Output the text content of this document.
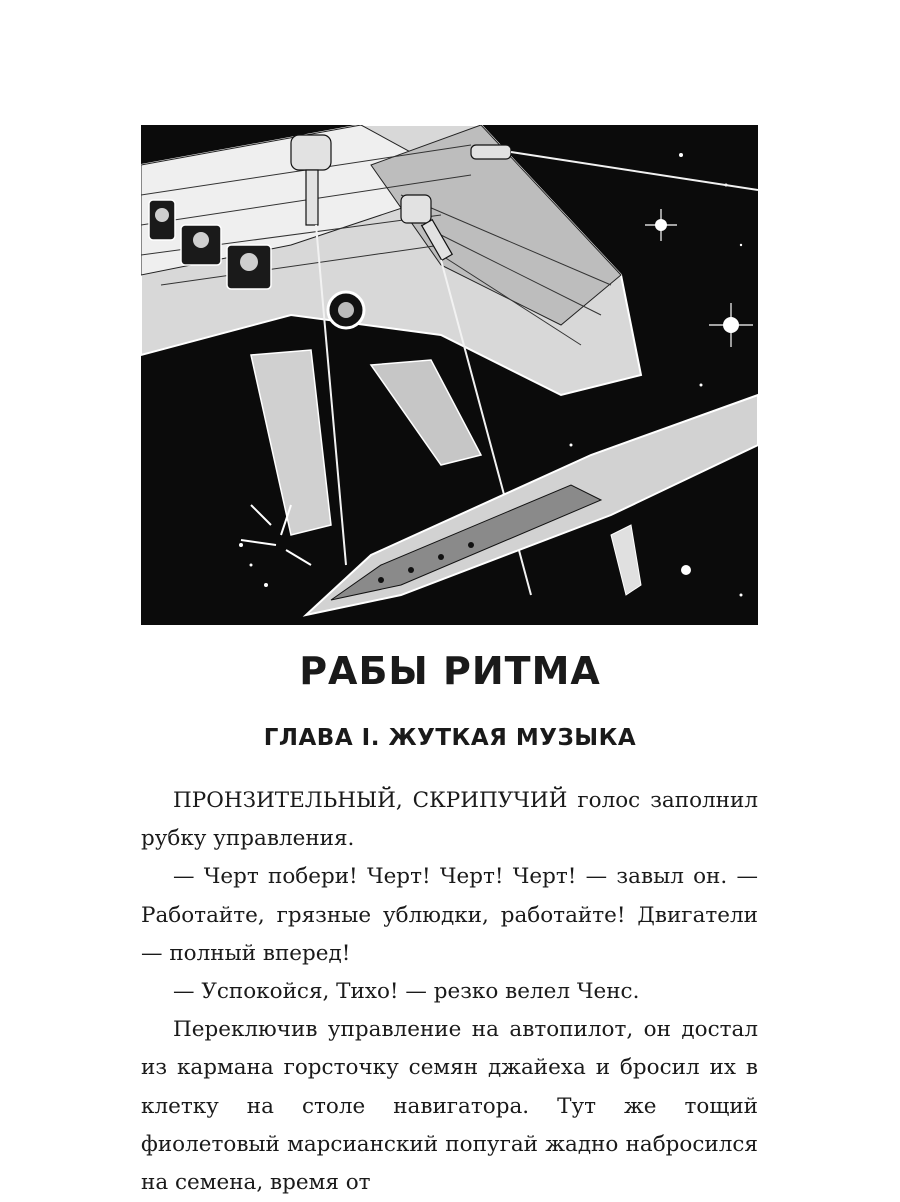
РАБЫ РИТМА
ГЛАВА I. ЖУТКАЯ МУЗЫКА

ПРОНЗИТЕЛЬНЫЙ, СКРИПУЧИЙ голос заполнил рубку управления.

— Черт побери! Черт! Черт! Черт! — завыл он. — Работайте, грязные ублюдки, работайте! Двигатели — полный вперед!

— Успокойся, Тихо! — резко велел Ченс.

Переключив управление на автопилот, он достал из кармана горсточку семян джайехa и бросил их в клетку на столе навигатора. Тут же тощий фиолетовый марсианский попугай жадно набросился на семена, время от
